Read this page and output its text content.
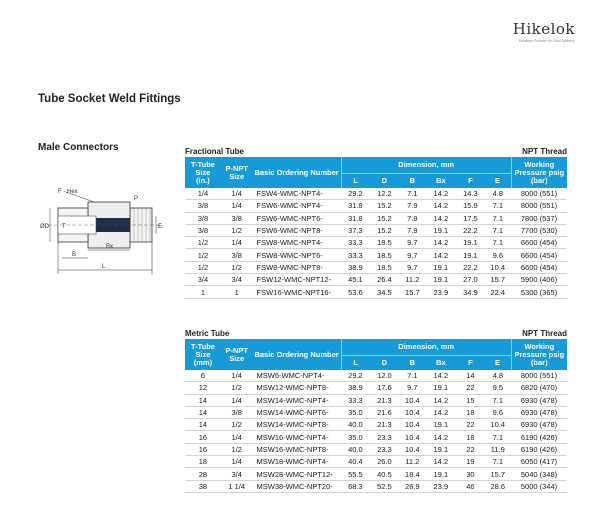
Hikelok
Solutions Provider for Fluid Systems
Tube Socket Weld Fittings
Male Connectors
F - Hex
P
ØD T	E
B
Bx
L
Fractional Tube	NPT Thread
T-Tube Size
(in.)	P-NPT Size	Basic Ordering Number	Dimension, mm						Working Pressure psig (bar)
			L	D	B	Bx	F	E	
1/4	1/4	FSW4-WMC-NPT4-	29.2	12.2	7.1	14.2	14.3	4.8	8000 (551)
3/8	1/4	FSW6-WMC-NPT4-	31.8	15.2	7.9	14.2	15.9	7.1	8000 (551)
3/8	3/8	FSW6-WMC-NPT6-	31.8	15.2	7.9	14.2	17.5	7.1	7800 (537)
3/8	1/2	FSW6-WMC-NPT8-	37.3	15.2	7.9	19.1	22.2	7.1	7700 (530)
1/2	1/4	FSW8-WMC-NPT4-	33.3	18.5	9.7	14.2	19.1	7.1	6600 (454)
1/2	3/8	FSW8-WMC-NPT6-	33.3	18.5	9.7	14.2	19.1	9.6	6600 (454)
1/2	1/2	FSW8-WMC-NPT8-	38.9	18.5	9.7	19.1	22.2	10.4	6600 (454)
3/4	3/4	FSW12-WMC-NPT12-	45.1	26.4	11.2	19.1	27.0	15.7	5900 (406)
1	1	FSW16-WMC-NPT16-	53.6	34.5	15.7	23.9	34.9	22.4	5300 (365)
Metric Tube	NPT Thread
T-Tube Size
(mm)	P-NPT Size	Basic Ordering Number	Dimension, mm						Working Pressure psig (bar)
			L	D	B	Bx	F	E	
6	1/4	MSW6-WMC-NPT4-	29.2	12.0	7.1	14.2	14	4.8	8000 (551)
12	1/2	MSW12-WMC-NPT8-	38.9	17.6	9.7	19.1	22	9.5	6820 (470)
14	1/4	MSW14-WMC-NPT4-	33.3	21.3	10.4	14.2	15	7.1	6930 (478)
14	3/8	MSW14-WMC-NPT6-	35.0	21.6	10.4	14.2	18	9.6	6930 (478)
14	1/2	MSW14-WMC-NPT8-	40.0	21.3	10.4	19.1	22	10.4	6930 (478)
16	1/4	MSW16-WMC-NPT4-	35.0	23.3	10.4	14.2	18	7.1	6190 (426)
16	1/2	MSW16-WMC-NPT8-	40.0	23.3	10.4	19.1	22	11.9	6190 (426)
18	1/4	MSW18-WMC-NPT4-	40.4	26.0	11.2	14.2	19	7.1	6050 (417)
28	3/4	MSW28-WMC-NPT12-	55.5	40.5	18.4	19.1	30	15.7	5040 (348)
38	1 1/4	MSW38-WMC-NPT20-	68.3	52.5	26.9	23.9	46	28.6	5000 (344)
